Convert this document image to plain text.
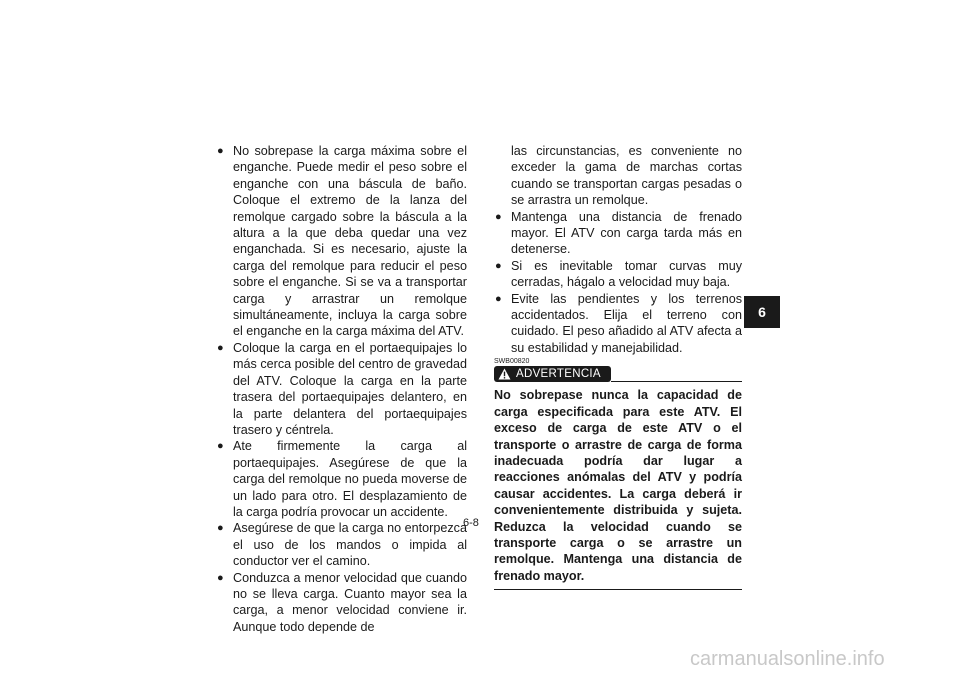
● No sobrepase la carga máxima sobre el enganche. Puede medir el peso sobre el enganche con una báscula de baño. Coloque el extremo de la lanza del remolque cargado sobre la báscula a la altura a la que deba quedar una vez enganchada. Si es necesario, ajuste la carga del remolque para reducir el peso sobre el enganche. Si se va a transportar carga y arrastrar un remolque simultáneamente, incluya la carga sobre el enganche en la carga máxima del ATV.

● Coloque la carga en el portaequipajes lo más cerca posible del centro de gravedad del ATV. Coloque la carga en la parte trasera del portaequipajes delantero, en la parte delantera del portaequipajes trasero y céntrela.

● Ate firmemente la carga al portaequipajes. Asegúrese de que la carga del remolque no pueda moverse de un lado para otro. El desplazamiento de la carga podría provocar un accidente.

● Asegúrese de que la carga no entorpezca el uso de los mandos o impida al conductor ver el camino.

● Conduzca a menor velocidad que cuando no se lleva carga. Cuanto mayor sea la carga, a menor velocidad conviene ir. Aunque todo depende de

las circunstancias, es conveniente no exceder la gama de marchas cortas cuando se transportan cargas pesadas o se arrastra un remolque.

● Mantenga una distancia de frenado mayor. El ATV con carga tarda más en detenerse.

● Si es inevitable tomar curvas muy cerradas, hágalo a velocidad muy baja.

● Evite las pendientes y los terrenos accidentados. Elija el terreno con cuidado. El peso añadido al ATV afecta a su estabilidad y manejabilidad.

SWB00820
ADVERTENCIA

No sobrepase nunca la capacidad de carga especificada para este ATV. El exceso de carga de este ATV o el transporte o arrastre de carga de forma inadecuada podría dar lugar a reacciones anómalas del ATV y podría causar accidentes. La carga deberá ir convenientemente distribuida y sujeta. Reduzca la velocidad cuando se transporte carga o se arrastre un remolque. Mantenga una distancia de frenado mayor.

6
6-8
carmanualsonline.info
